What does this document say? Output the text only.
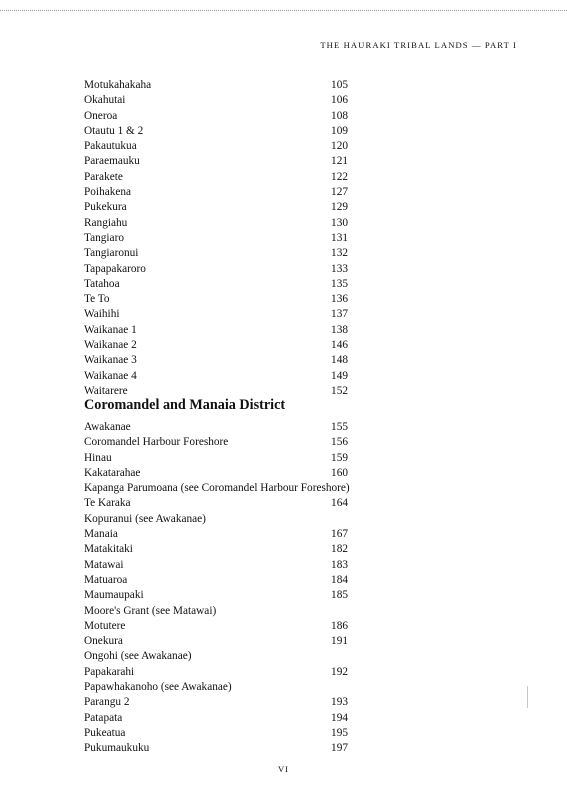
THE HAURAKI TRIBAL LANDS — PART I
Motukahakaha	105
Okahutai	106
Oneroa	108
Otautu 1 & 2	109
Pakautukua	120
Paraemauku	121
Parakete	122
Poihakena	127
Pukekura	129
Rangiahu	130
Tangiaro	131
Tangiaronui	132
Tapapakaroro	133
Tatahoa	135
Te To	136
Waihihi	137
Waikanae 1	138
Waikanae 2	146
Waikanae 3	148
Waikanae 4	149
Waitarere	152
Coromandel and Manaia District
Awakanae	155
Coromandel Harbour Foreshore	156
Hinau	159
Kakatarahae	160
Kapanga Parumoana (see Coromandel Harbour Foreshore)
Te Karaka	164
Kopuranui (see Awakanae)
Manaia	167
Matakitaki	182
Matawai	183
Matuaroa	184
Maumaupaki	185
Moore's Grant (see Matawai)
Motutere	186
Onekura	191
Ongohi (see Awakanae)
Papakarahi	192
Papawhakanoho (see Awakanae)
Parangu 2	193
Patapata	194
Pukeatua	195
Pukumaukuku	197
VI
